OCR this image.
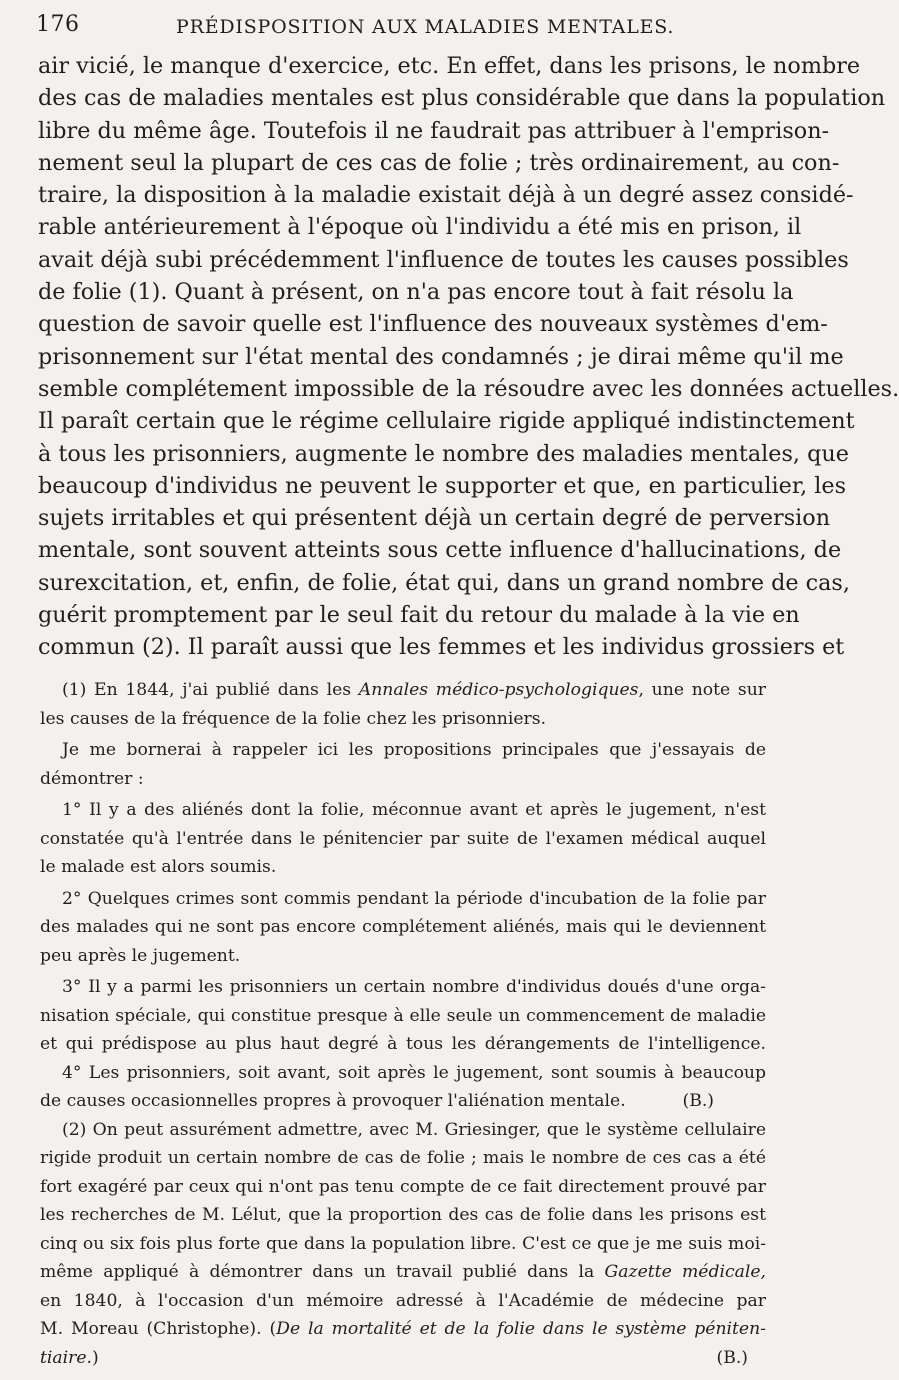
176	PRÉDISPOSITION AUX MALADIES MENTALES.
air vicié, le manque d'exercice, etc. En effet, dans les prisons, le nombre
des cas de maladies mentales est plus considérable que dans la population
libre du même âge. Toutefois il ne faudrait pas attribuer à l'emprison-
nement seul la plupart de ces cas de folie ; très ordinairement, au con-
traire, la disposition à la maladie existait déjà à un degré assez considé-
rable antérieurement à l'époque où l'individu a été mis en prison, il
avait déjà subi précédemment l'influence de toutes les causes possibles
de folie (1). Quant à présent, on n'a pas encore tout à fait résolu la
question de savoir quelle est l'influence des nouveaux systèmes d'em-
prisonnement sur l'état mental des condamnés ; je dirai même qu'il me
semble complétement impossible de la résoudre avec les données actuelles.
Il paraît certain que le régime cellulaire rigide appliqué indistinctement
à tous les prisonniers, augmente le nombre des maladies mentales, que
beaucoup d'individus ne peuvent le supporter et que, en particulier, les
sujets irritables et qui présentent déjà un certain degré de perversion
mentale, sont souvent atteints sous cette influence d'hallucinations, de
surexcitation, et, enfin, de folie, état qui, dans un grand nombre de cas,
guérit promptement par le seul fait du retour du malade à la vie en
commun (2). Il paraît aussi que les femmes et les individus grossiers et
(1) En 1844, j'ai publié dans les Annales médico-psychologiques, une note sur
les causes de la fréquence de la folie chez les prisonniers.
Je me bornerai à rappeler ici les propositions principales que j'essayais de
démontrer :
1° Il y a des aliénés dont la folie, méconnue avant et après le jugement, n'est
constatée qu'à l'entrée dans le pénitencier par suite de l'examen médical auquel
le malade est alors soumis.
2° Quelques crimes sont commis pendant la période d'incubation de la folie par
des malades qui ne sont pas encore complétement aliénés, mais qui le deviennent
peu après le jugement.
3° Il y a parmi les prisonniers un certain nombre d'individus doués d'une orga-
nisation spéciale, qui constitue presque à elle seule un commencement de maladie
et qui prédispose au plus haut degré à tous les dérangements de l'intelligence.
4° Les prisonniers, soit avant, soit après le jugement, sont soumis à beaucoup
de causes occasionnelles propres à provoquer l'aliénation mentale.	(B.)
(2) On peut assurément admettre, avec M. Griesinger, que le système cellulaire
rigide produit un certain nombre de cas de folie ; mais le nombre de ces cas a été
fort exagéré par ceux qui n'ont pas tenu compte de ce fait directement prouvé par
les recherches de M. Lélut, que la proportion des cas de folie dans les prisons est
cinq ou six fois plus forte que dans la population libre. C'est ce que je me suis moi-
même appliqué à démontrer dans un travail publié dans la Gazette médicale,
en 1840, à l'occasion d'un mémoire adressé à l'Académie de médecine par
M. Moreau (Christophe). (De la mortalité et de la folie dans le système péniten-
tiaire.)	(B.)
